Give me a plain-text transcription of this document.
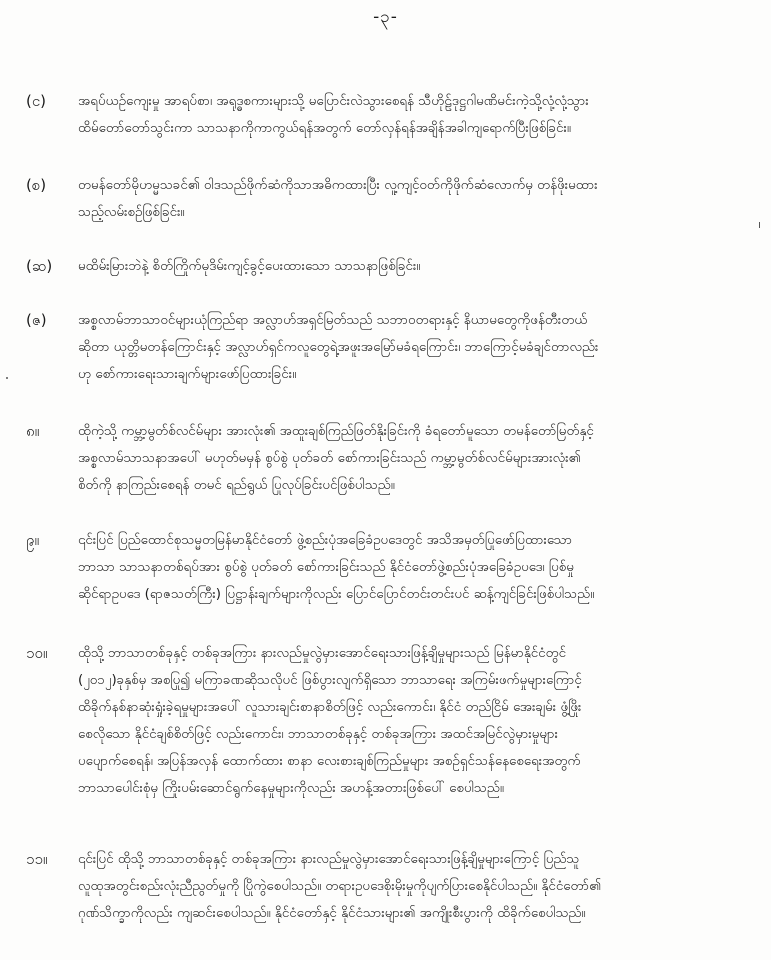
-၃-
(င)	အရပ်ယဉ်ကျေးမှု အာရပ်စာ၊ အရုဒ္ဓစကားများသို့ မပြောင်းလဲသွားစေရန် သီဟိုဠ်ဒုဋ္ဌဂါမဏိမင်းကဲ့သို့လုံ့လုံ့သွား
ထိမ်တော်တော်သွင်းကာ သာသနာကိုကာကွယ်ရန်အတွက် တော်လှန်ရန်အချိန်အခါကျရောက်ပြီးဖြစ်ခြင်း။
(စ)	တမန်တော်မိုဟမ္မသခင်၏ ဝါဒသည်ဖိုက်ဆံကိုသာအဓိကထားပြီး လူ့ကျင့်ဝတ်ကိုဖိုက်ဆံလောက်မှ တန်ဖိုးမထား
သည့်လမ်းစဉ်ဖြစ်ခြင်း။
(ဆ)	မထိမ်းမြားဘဲနဲ့ စိတ်ကြိုက်မုဒိမ်းကျင့်ခွင့်ပေးထားသော သာသနာဖြစ်ခြင်း။
(ဇ)	အစ္စလာမ်ဘာသာဝင်များယုံကြည်ရာ အလ္လာဟ်အရှင်မြတ်သည် သဘာဝတရားနှင့် နိယာမတွေကိုဖန်တီးတယ်
ဆိုတာ ယုတ္တိမတန်ကြောင်းနှင့် အလ္လာဟ်ရှင်ကလူတွေရဲ့အဖူးအမြော်မခံရကြောင်း၊ ဘာကြောင့်မခံချင်တာလည်း
ဟု စော်ကားရေးသားချက်များဖော်ပြထားခြင်း။
၈။	ထိုကဲ့သို့ ကမ္ဘာ့မွတ်စ်လင်မ်များ အားလုံး၏ အထူးချစ်ကြည်ဖြတ်နိုးခြင်းကို ခံရတော်မူသော တမန်တော်မြတ်နှင့်
အစ္စလာမ်သာသနာအပေါ် မဟုတ်မမှန် စွပ်စွဲ ပုတ်ခတ် စော်ကားခြင်းသည် ကမ္ဘာ့မွတ်စ်လင်မ်များအားလုံး၏
စိတ်ကို နာကြည်းစေရန် တမင် ရည်ရွယ် ပြုလုပ်ခြင်းပင်ဖြစ်ပါသည်။
၉။	၎င်းပြင် ပြည်ထောင်စုသမ္မတမြန်မာနိုင်ငံတော် ဖွဲ့စည်းပုံအခြေခံဥပဒေတွင် အသိအမှတ်ပြုဖော်ပြထားသော
ဘာသာ သာသနာတစ်ရပ်အား စွပ်စွဲ ပုတ်ခတ် စော်ကားခြင်းသည် နိုင်ငံတော်ဖွဲ့စည်းပုံအခြေခံဥပဒေ၊ ပြစ်မှု
ဆိုင်ရာဥပဒေ (ရာဇသတ်ကြီး) ပြဋ္ဌာန်းချက်များကိုလည်း ပြောင်ပြောင်တင်းတင်းပင် ဆန့်ကျင်ခြင်းဖြစ်ပါသည်။
၁၀။	ထိုသို့ ဘာသာတစ်ခုနှင့် တစ်ခုအကြား နားလည်မှုလွဲမှားအောင်ရေးသားဖြန့်ချိမှုများသည် မြန်မာနိုင်ငံတွင်
(၂၀၁၂)ခုနှစ်မှ အစပြု၍ မကြာခဏဆိုသလိုပင် ဖြစ်ပွားလျက်ရှိသော ဘာသာရေး အကြမ်းဖက်မှုများကြောင့်
ထိခိုက်နစ်နာဆုံးရှုံးခဲ့ရမှုများအပေါ် လူသားချင်းစာနာစိတ်ဖြင့် လည်းကောင်း၊ နိုင်ငံ တည်ငြိမ် အေးချမ်း ဖွံ့ဖြိုး
စေလိုသော နိုင်ငံချစ်စိတ်ဖြင့် လည်းကောင်း၊ ဘာသာတစ်ခုနှင့် တစ်ခုအကြား အထင်အမြင်လွဲမှားမှုများ
ပပျောက်စေရန်၊ အပြန်အလှန် ထောက်ထား စာနာ လေးစားချစ်ကြည်မှုများ အစဉ်ရှင်သန်နေစေရေးအတွက်
ဘာသာပေါင်းစုံမှ ကြိုးပမ်းဆောင်ရွက်နေမှုများကိုလည်း အဟန့်အတားဖြစ်ပေါ် စေပါသည်။
၁၁။	၎င်းပြင် ထိုသို့ ဘာသာတစ်ခုနှင့် တစ်ခုအကြား နားလည်မှုလွဲမှားအောင်ရေးသားဖြန့်ချိမှုများကြောင့် ပြည်သူ
လူထုအတွင်းစည်းလုံးညီညွတ်မှုကို ပြိုကွဲစေပါသည်။ တရားဥပဒေစိုးမိုးမှုကိုပျက်ပြားစေနိုင်ပါသည်။ နိုင်ငံတော်၏
ဂုဏ်သိက္ခာကိုလည်း ကျဆင်းစေပါသည်။ နိုင်ငံတော်နှင့် နိုင်ငံသားများ၏ အကျိုးစီးပွားကို ထိခိုက်စေပါသည်။
